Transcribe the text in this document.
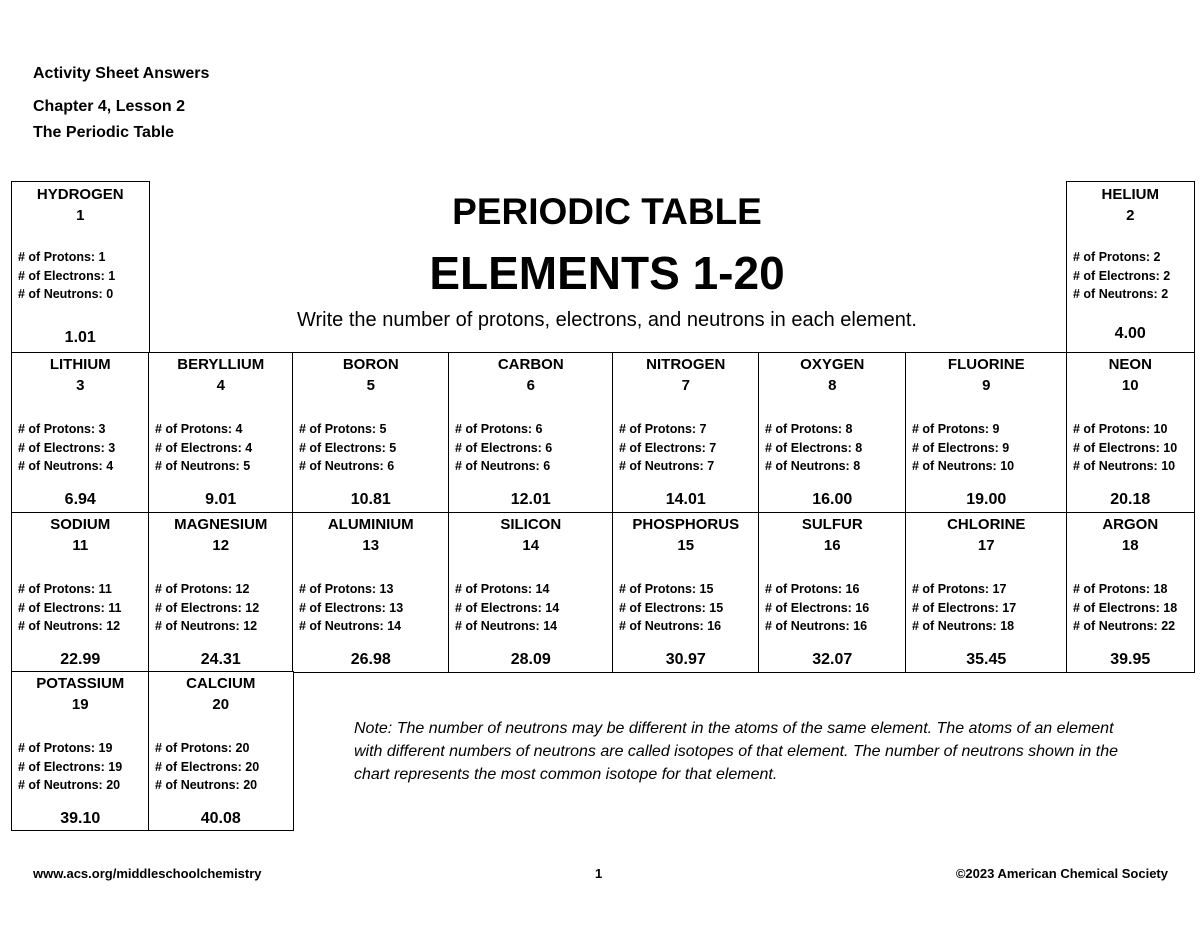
Activity Sheet Answers
Chapter 4, Lesson 2
The Periodic Table
PERIODIC TABLE
ELEMENTS 1-20
Write the number of protons, electrons, and neutrons in each element.
HYDROGEN
1
# of Protons: 1
# of Electrons: 1
# of Neutrons: 0
1.01
HELIUM
2
# of Protons: 2
# of Electrons: 2
# of Neutrons: 2
4.00
LITHIUM
3
# of Protons: 3
# of Electrons: 3
# of Neutrons: 4
6.94
BERYLLIUM
4
# of Protons: 4
# of Electrons: 4
# of Neutrons: 5
9.01
BORON
5
# of Protons: 5
# of Electrons: 5
# of Neutrons: 6
10.81
CARBON
6
# of Protons: 6
# of Electrons: 6
# of Neutrons: 6
12.01
NITROGEN
7
# of Protons: 7
# of Electrons: 7
# of Neutrons: 7
14.01
OXYGEN
8
# of Protons: 8
# of Electrons: 8
# of Neutrons: 8
16.00
FLUORINE
9
# of Protons: 9
# of Electrons: 9
# of Neutrons: 10
19.00
NEON
10
# of Protons: 10
# of Electrons: 10
# of Neutrons: 10
20.18
SODIUM
11
# of Protons: 11
# of Electrons: 11
# of Neutrons: 12
22.99
MAGNESIUM
12
# of Protons: 12
# of Electrons: 12
# of Neutrons: 12
24.31
ALUMINIUM
13
# of Protons: 13
# of Electrons: 13
# of Neutrons: 14
26.98
SILICON
14
# of Protons: 14
# of Electrons: 14
# of Neutrons: 14
28.09
PHOSPHORUS
15
# of Protons: 15
# of Electrons: 15
# of Neutrons: 16
30.97
SULFUR
16
# of Protons: 16
# of Electrons: 16
# of Neutrons: 16
32.07
CHLORINE
17
# of Protons: 17
# of Electrons: 17
# of Neutrons: 18
35.45
ARGON
18
# of Protons: 18
# of Electrons: 18
# of Neutrons: 22
39.95
POTASSIUM
19
# of Protons: 19
# of Electrons: 19
# of Neutrons: 20
39.10
CALCIUM
20
# of Protons: 20
# of Electrons: 20
# of Neutrons: 20
40.08
Note: The number of neutrons may be different in the atoms of the same element. The atoms of an element with different numbers of neutrons are called isotopes of that element. The number of neutrons shown in the chart represents the most common isotope for that element.
www.acs.org/middleschoolchemistry	1	©2023 American Chemical Society
